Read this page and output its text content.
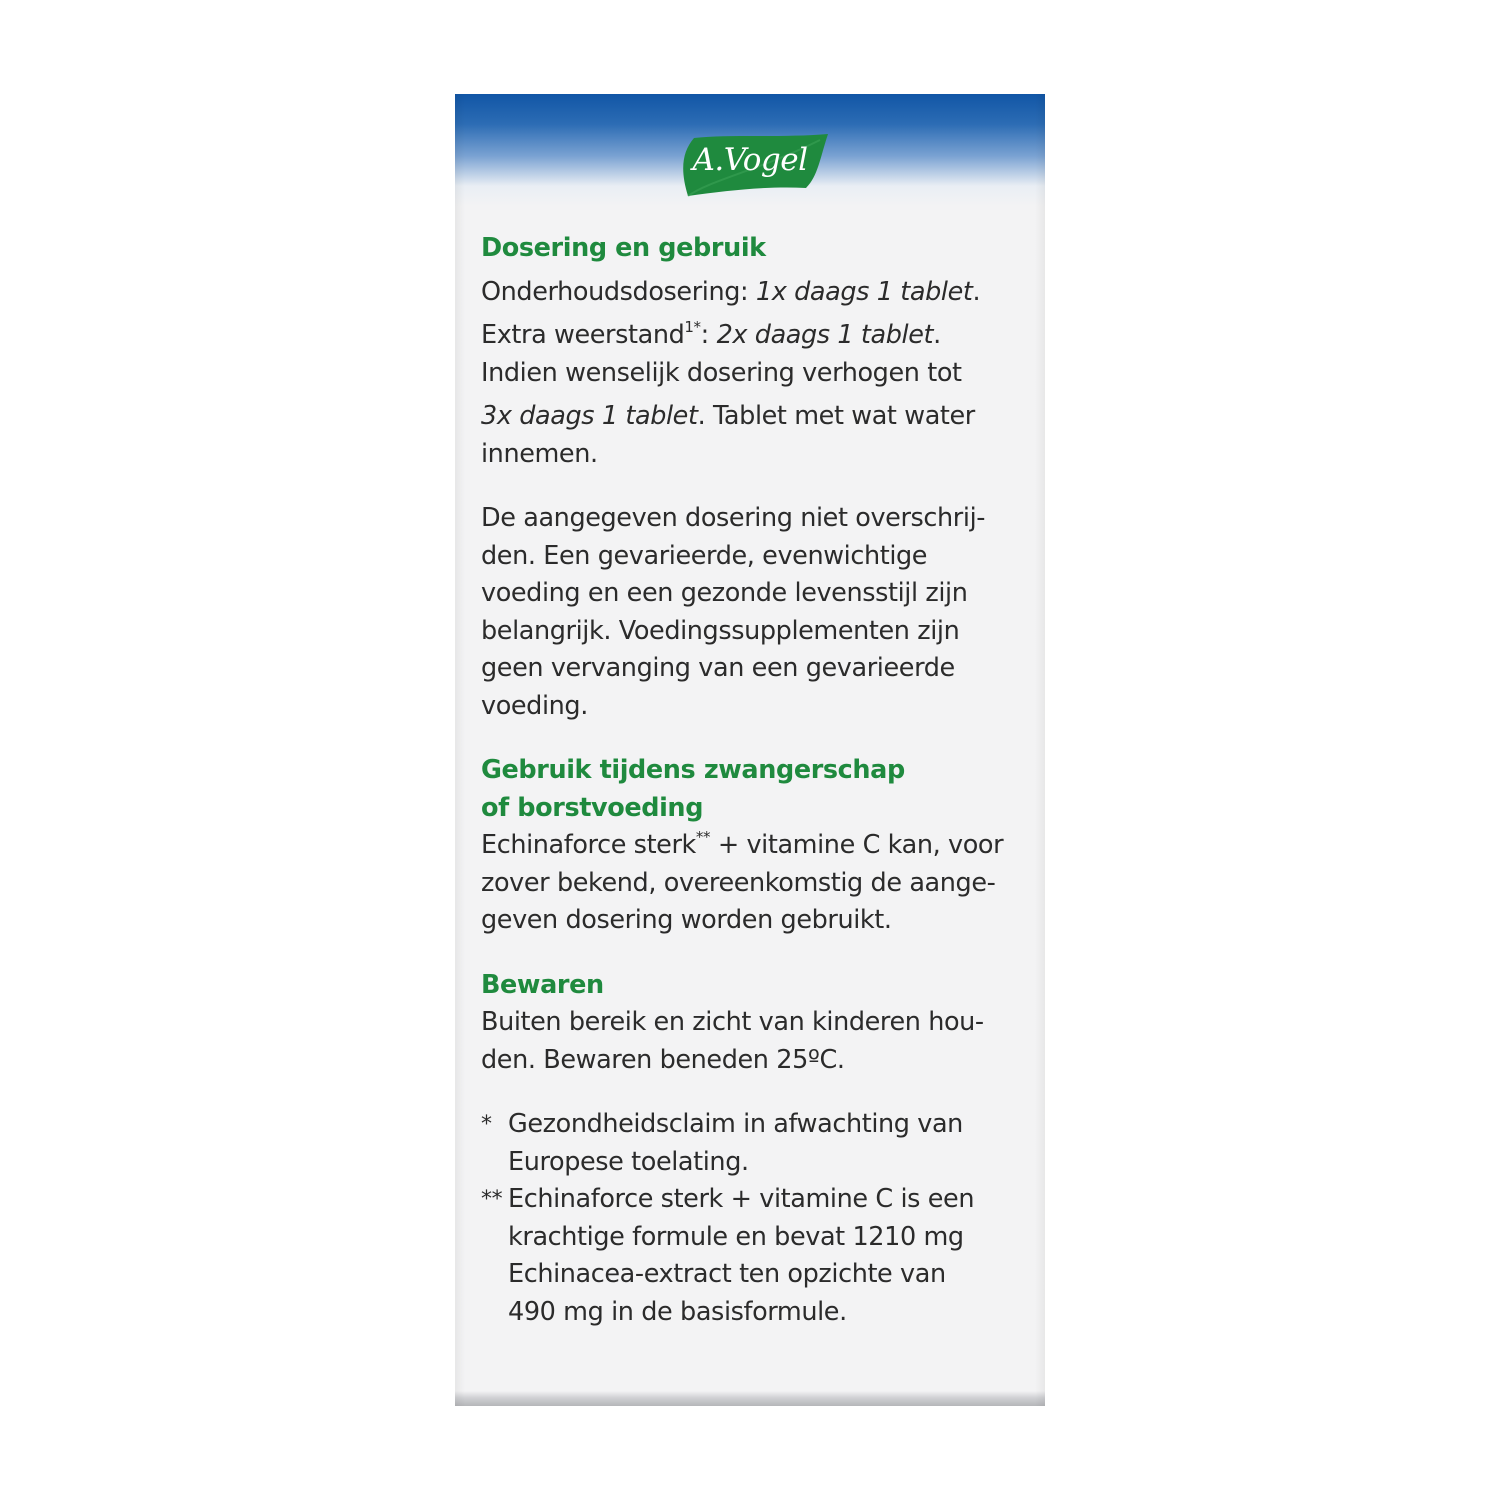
A.Vogel
Dosering en gebruik
Onderhoudsdosering: 1x daags 1 tablet.
Extra weerstand$^{1*}$: 2x daags 1 tablet.
Indien wenselijk dosering verhogen tot
3x daags 1 tablet. Tablet met wat water
innemen.
De aangegeven dosering niet overschrij-
den. Een gevarieerde, evenwichtige
voeding en een gezonde levensstijl zijn
belangrijk. Voedingssupplementen zijn
geen vervanging van een gevarieerde
voeding.
Gebruik tijdens zwangerschap
of borstvoeding
Echinaforce sterk** + vitamine C kan, voor
zover bekend, overeenkomstig de aange-
geven dosering worden gebruikt.
Bewaren
Buiten bereik en zicht van kinderen hou-
den. Bewaren beneden 25ºC.
* Gezondheidsclaim in afwachting van
Europese toelating.
** Echinaforce sterk + vitamine C is een
krachtige formule en bevat 1210 mg
Echinacea-extract ten opzichte van
490 mg in de basisformule.
